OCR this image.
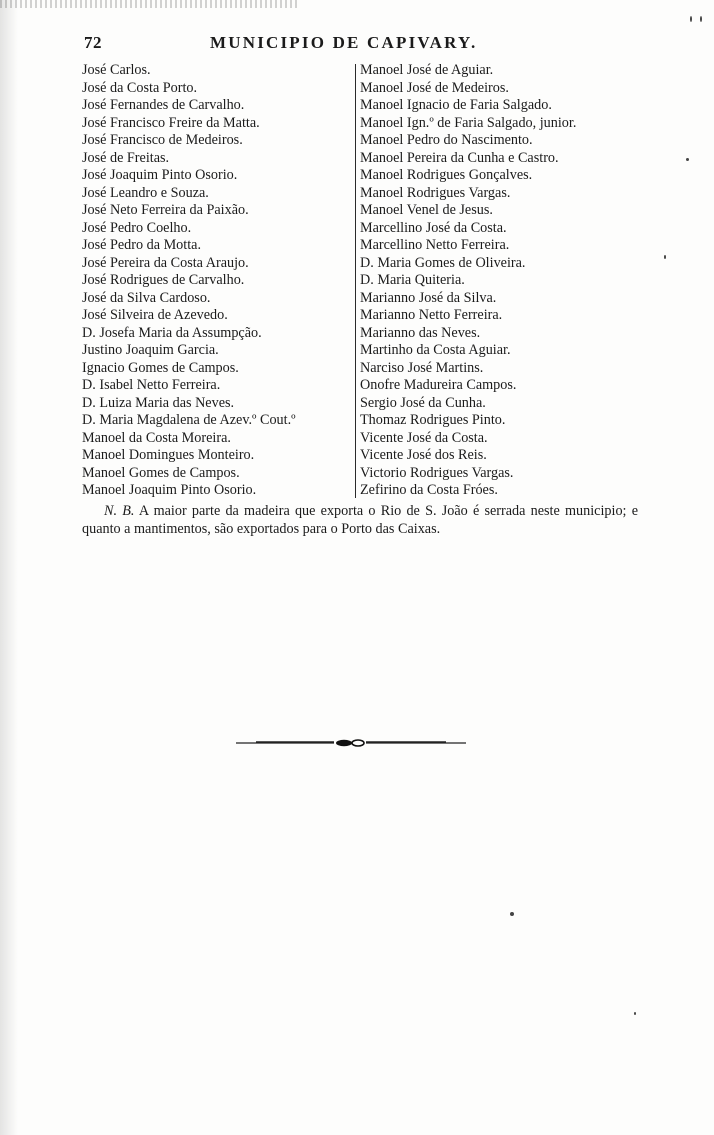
72	MUNICIPIO DE CAPIVARY.
José Carlos.
José da Costa Porto.
José Fernandes de Carvalho.
José Francisco Freire da Matta.
José Francisco de Medeiros.
José de Freitas.
José Joaquim Pinto Osorio.
José Leandro e Souza.
José Neto Ferreira da Paixão.
José Pedro Coelho.
José Pedro da Motta.
José Pereira da Costa Araujo.
José Rodrigues de Carvalho.
José da Silva Cardoso.
José Silveira de Azevedo.
D. Josefa Maria da Assumpção.
Justino Joaquim Garcia.
Ignacio Gomes de Campos.
D. Isabel Netto Ferreira.
D. Luiza Maria das Neves.
D. Maria Magdalena de Azev.º Cout.º
Manoel da Costa Moreira.
Manoel Domingues Monteiro.
Manoel Gomes de Campos.
Manoel Joaquim Pinto Osorio.
Manoel José de Aguiar.
Manoel José de Medeiros.
Manoel Ignacio de Faria Salgado.
Manoel Ign.º de Faria Salgado, junior.
Manoel Pedro do Nascimento.
Manoel Pereira da Cunha e Castro.
Manoel Rodrigues Gonçalves.
Manoel Rodrigues Vargas.
Manoel Venel de Jesus.
Marcellino José da Costa.
Marcellino Netto Ferreira.
D. Maria Gomes de Oliveira.
D. Maria Quiteria.
Marianno José da Silva.
Marianno Netto Ferreira.
Marianno das Neves.
Martinho da Costa Aguiar.
Narciso José Martins.
Onofre Madureira Campos.
Sergio José da Cunha.
Thomaz Rodrigues Pinto.
Vicente José da Costa.
Vicente José dos Reis.
Victorio Rodrigues Vargas.
Zefirino da Costa Fróes.

N. B. A maior parte da madeira que exporta o Rio de S. João é serrada neste municipio; e quanto a mantimentos, são exportados para o Porto das Caixas.
